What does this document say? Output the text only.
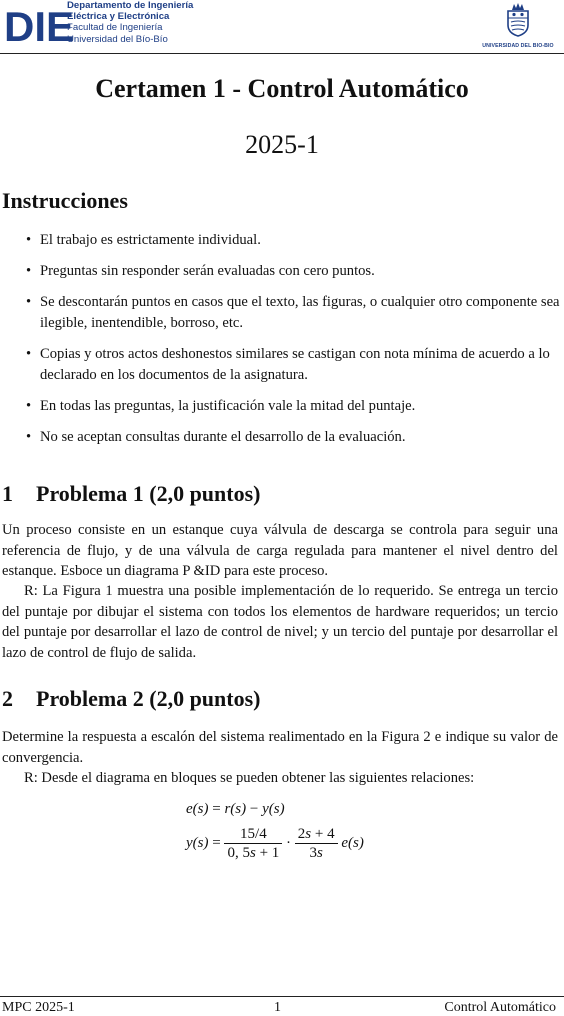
DIE
Departamento de Ingeniería
Eléctrica y Electrónica
Facultad de Ingeniería
Universidad del Bío-Bío
UNIVERSIDAD DEL BIO-BIO
Certamen 1 - Control Automático
2025-1
Instrucciones
• El trabajo es estrictamente individual.
• Preguntas sin responder serán evaluadas con cero puntos.
• Se descontarán puntos en casos que el texto, las figuras, o cualquier otro componente sea ilegible, inentendible, borroso, etc.
• Copias y otros actos deshonestos similares se castigan con nota mínima de acuerdo a lo declarado en los documentos de la asignatura.
• En todas las preguntas, la justificación vale la mitad del puntaje.
• No se aceptan consultas durante el desarrollo de la evaluación.
1 Problema 1 (2,0 puntos)

Un proceso consiste en un estanque cuya válvula de descarga se controla para seguir una referencia de flujo, y de una válvula de carga regulada para mantener el nivel dentro del estanque. Esboce un diagrama P &ID para este proceso.

R: La Figura 1 muestra una posible implementación de lo requerido. Se entrega un tercio del puntaje por dibujar el sistema con todos los elementos de hardware requeridos; un tercio del puntaje por desarrollar el lazo de control de nivel; y un tercio del puntaje por desarrollar el lazo de control de flujo de salida.

2 Problema 2 (2,0 puntos)

Determine la respuesta a escalón del sistema realimentado en la Figura 2 e indique su valor de convergencia.

R: Desde el diagrama en bloques se pueden obtener las siguientes relaciones:

e(s) = r(s) − y(s)
$y(s) = \frac{15/4}{0, 5s + 1} \cdot \frac{2s + 4}{3s} e(s)$
MPC 2025-1	1	Control Automático
